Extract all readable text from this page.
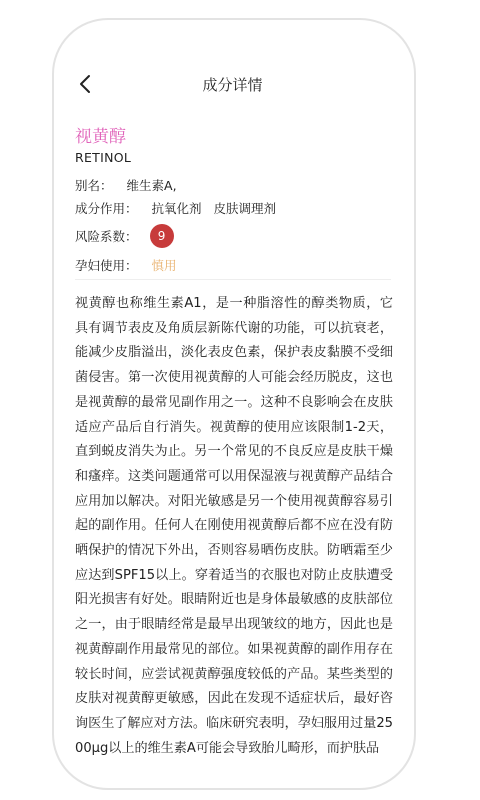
成分详情
视黄醇
RETINOL
别名： 维生素A,
成分作用： 抗氧化剂 皮肤调理剂
风险系数：	9
孕妇使用： 慎用

视黄醇也称维生素A1，是一种脂溶性的醇类物质，它具有调节表皮及角质层新陈代谢的功能，可以抗衰老，能减少皮脂溢出，淡化表皮色素，保护表皮黏膜不受细菌侵害。第一次使用视黄醇的人可能会经历脱皮，这也是视黄醇的最常见副作用之一。这种不良影响会在皮肤适应产品后自行消失。视黄醇的使用应该限制1-2天，直到蜕皮消失为止。另一个常见的不良反应是皮肤干燥和瘙痒。这类问题通常可以用保湿液与视黄醇产品结合应用加以解决。对阳光敏感是另一个使用视黄醇容易引起的副作用。任何人在刚使用视黄醇后都不应在没有防晒保护的情况下外出，否则容易晒伤皮肤。防晒霜至少应达到SPF15以上。穿着适当的衣服也对防止皮肤遭受阳光损害有好处。眼睛附近也是身体最敏感的皮肤部位之一，由于眼睛经常是最早出现皱纹的地方，因此也是视黄醇副作用最常见的部位。如果视黄醇的副作用存在较长时间，应尝试视黄醇强度较低的产品。某些类型的皮肤对视黄醇更敏感，因此在发现不适症状后，最好咨询医生了解应对方法。临床研究表明，孕妇服用过量2500μg以上的维生素A可能会导致胎儿畸形，而护肤品
